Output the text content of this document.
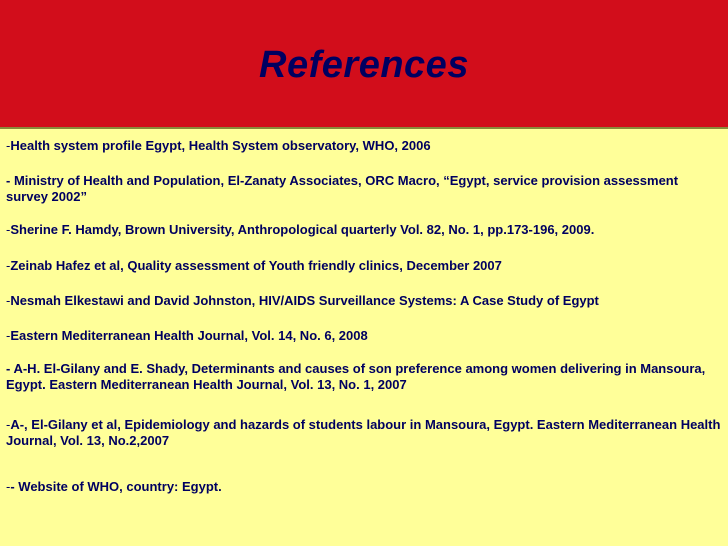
References
-Health system profile Egypt, Health System observatory, WHO, 2006
- Ministry of Health and Population, El-Zanaty Associates, ORC Macro, “Egypt, service provision assessment survey 2002”
-Sherine F. Hamdy, Brown University, Anthropological quarterly Vol. 82, No. 1, pp.173-196, 2009.
-Zeinab Hafez et al, Quality assessment of Youth friendly clinics, December 2007
-Nesmah Elkestawi and David Johnston, HIV/AIDS Surveillance Systems: A Case Study of Egypt
-Eastern Mediterranean Health Journal, Vol. 14, No. 6, 2008
- A-H. El-Gilany and E. Shady, Determinants and causes of son preference among women delivering in Mansoura, Egypt. Eastern Mediterranean Health Journal, Vol. 13, No. 1, 2007
-A-, El-Gilany et al, Epidemiology and hazards of students labour in Mansoura, Egypt. Eastern Mediterranean Health Journal, Vol. 13, No.2,2007
-- Website of WHO, country: Egypt.
